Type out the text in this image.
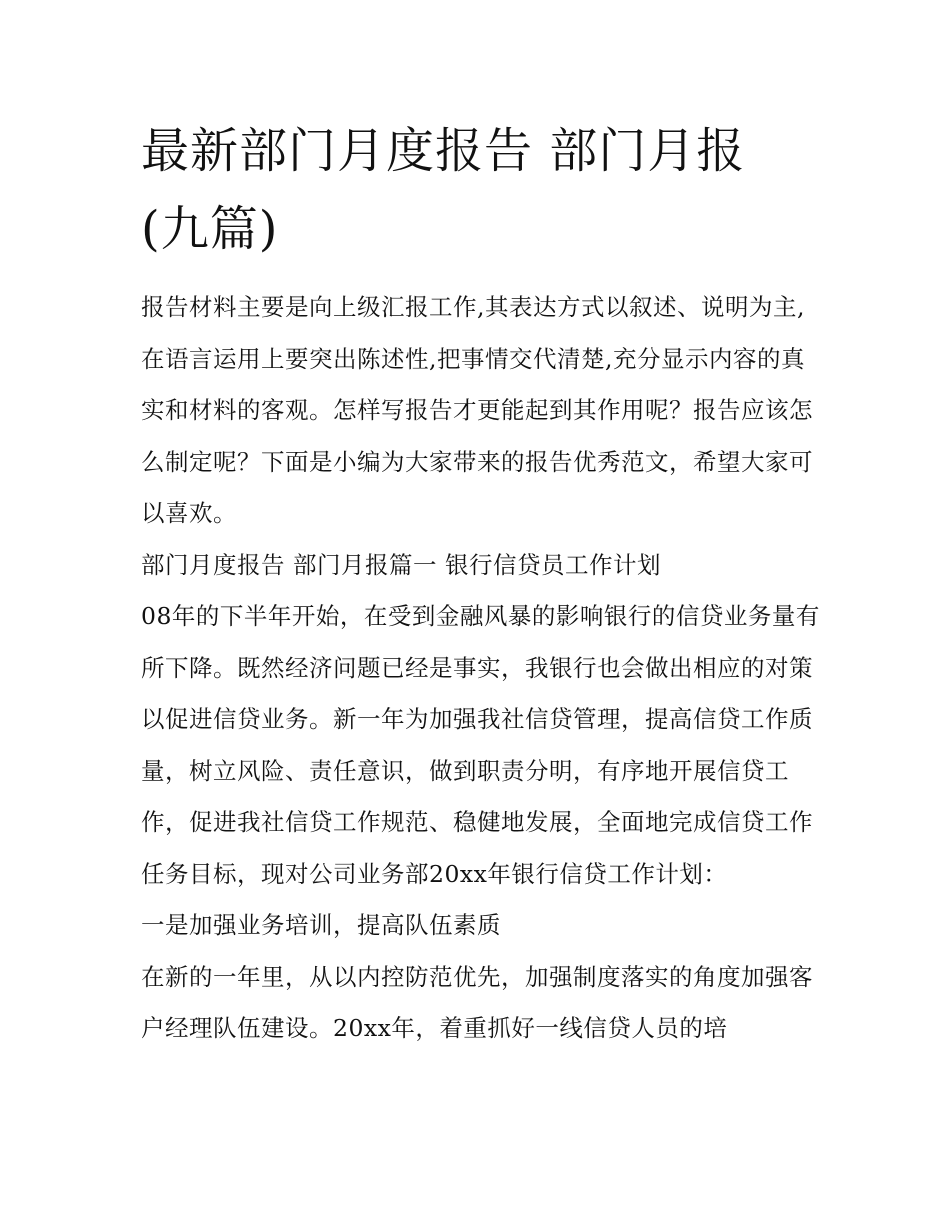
最新部门月度报告 部门月报
(九篇)

报告材料主要是向上级汇报工作,其表达方式以叙述、说明为主,在语言运用上要突出陈述性,把事情交代清楚,充分显示内容的真实和材料的客观。怎样写报告才更能起到其作用呢？报告应该怎么制定呢？下面是小编为大家带来的报告优秀范文，希望大家可以喜欢。

部门月度报告 部门月报篇一 银行信贷员工作计划

08年的下半年开始，在受到金融风暴的影响银行的信贷业务量有所下降。既然经济问题已经是事实，我银行也会做出相应的对策以促进信贷业务。新一年为加强我社信贷管理，提高信贷工作质量，树立风险、责任意识，做到职责分明，有序地开展信贷工作，促进我社信贷工作规范、稳健地发展，全面地完成信贷工作任务目标，现对公司业务部20xx年银行信贷工作计划：

一是加强业务培训，提高队伍素质

在新的一年里，从以内控防范优先，加强制度落实的角度加强客户经理队伍建设。20xx年，着重抓好一线信贷人员的培
